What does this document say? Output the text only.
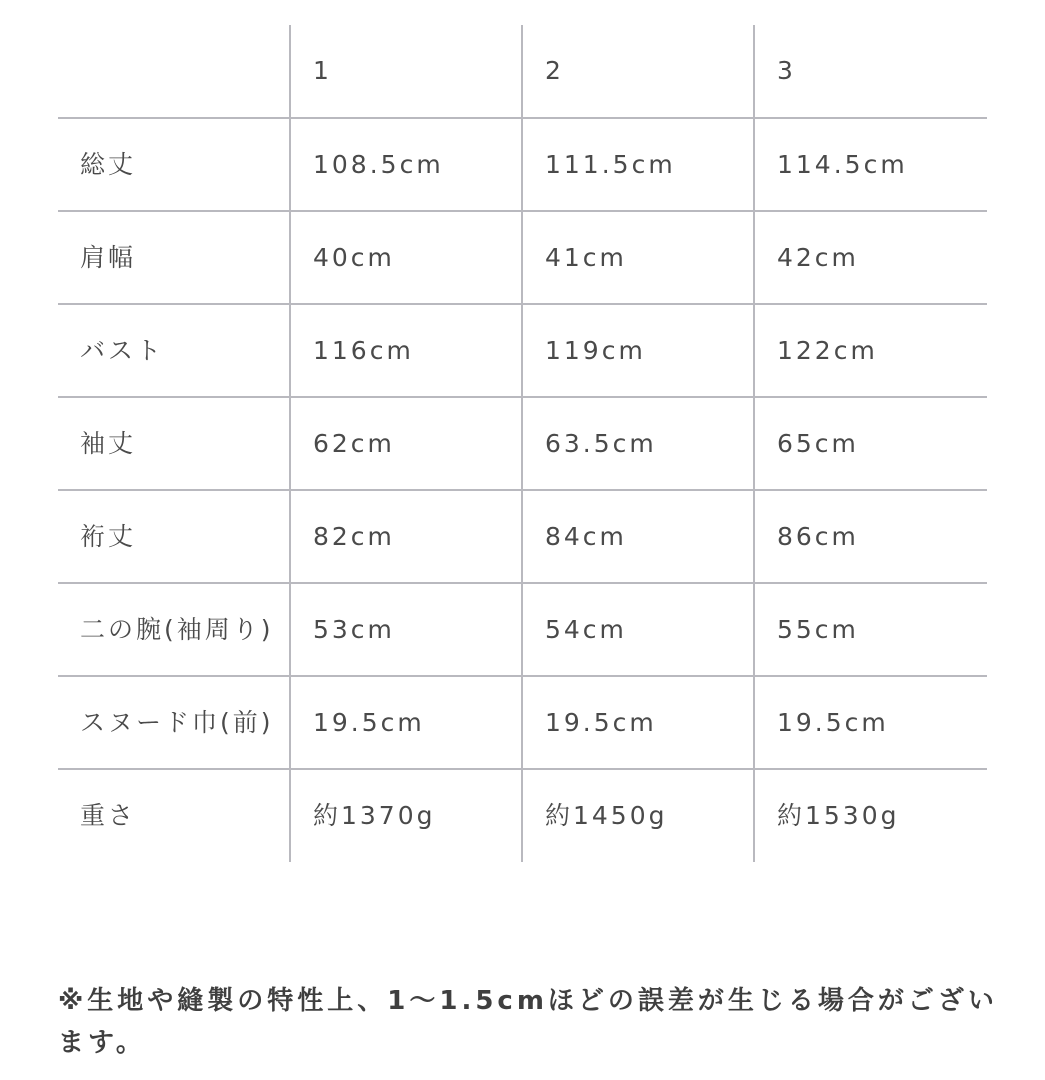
	1	2	3
総丈	108.5cm	111.5cm	114.5cm
肩幅	40cm	41cm	42cm
バスト	116cm	119cm	122cm
袖丈	62cm	63.5cm	65cm
裄丈	82cm	84cm	86cm
二の腕(袖周り)	53cm	54cm	55cm
スヌード巾(前)	19.5cm	19.5cm	19.5cm
重さ	約1370g	約1450g	約1530g

※生地や縫製の特性上、1〜1.5cmほどの誤差が生じる場合がございます。
